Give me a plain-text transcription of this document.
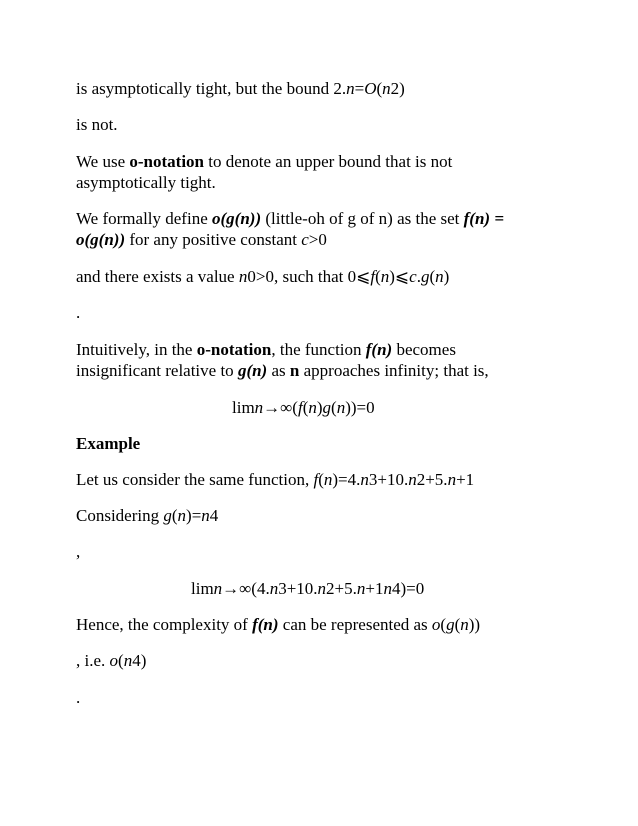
is asymptotically tight, but the bound 2.n=O(n2)
is not.
We use o-notation to denote an upper bound that is not
asymptotically tight.
We formally define o(g(n)) (little-oh of g of n) as the set f(n) =
o(g(n)) for any positive constant c>0
and there exists a value n0>0, such that 0⩽f(n)⩽c.g(n)
.
Intuitively, in the o-notation, the function f(n) becomes
insignificant relative to g(n) as n approaches infinity; that is,
limn→∞(f(n)g(n))=0
Example
Let us consider the same function, f(n)=4.n3+10.n2+5.n+1
Considering g(n)=n4
,
limn→∞(4.n3+10.n2+5.n+1n4)=0
Hence, the complexity of f(n) can be represented as o(g(n))
, i.e. o(n4)
.
